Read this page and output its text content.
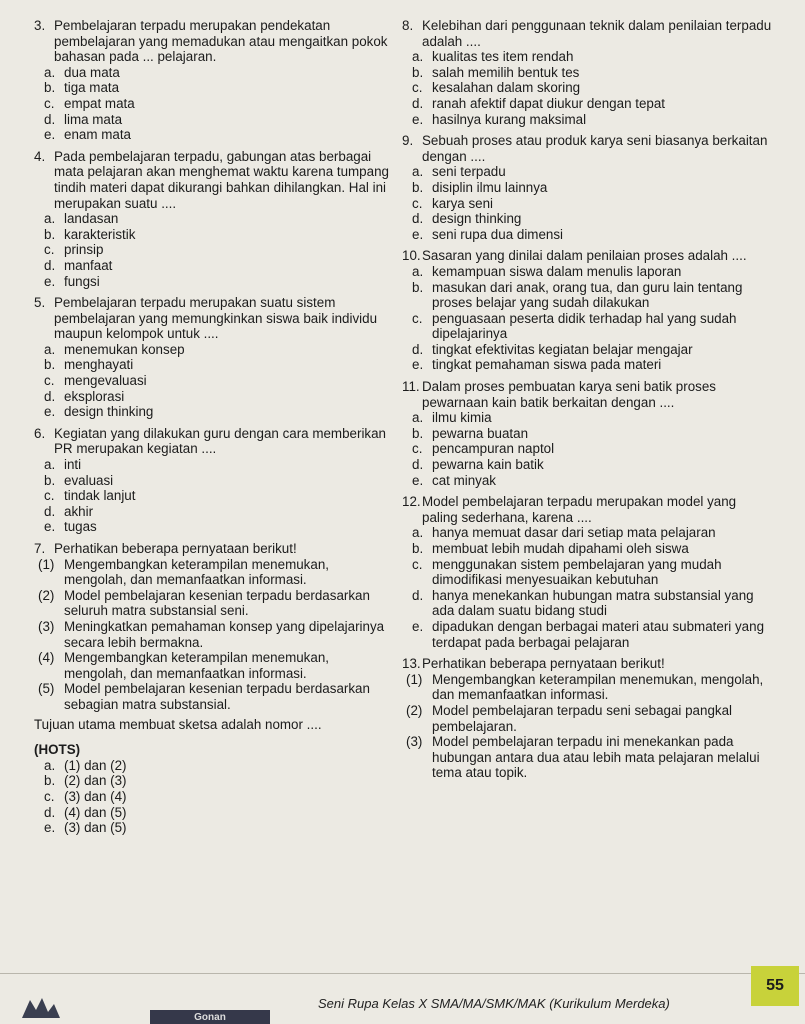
3. Pembelajaran terpadu merupakan pendekatan pembelajaran yang memadukan atau mengaitkan pokok bahasan pada ... pelajaran.
a. dua mata
b. tiga mata
c. empat mata
d. lima mata
e. enam mata
4. Pada pembelajaran terpadu, gabungan atas berbagai mata pelajaran akan menghemat waktu karena tumpang tindih materi dapat dikurangi bahkan dihilangkan. Hal ini merupakan suatu ....
a. landasan
b. karakteristik
c. prinsip
d. manfaat
e. fungsi
5. Pembelajaran terpadu merupakan suatu sistem pembelajaran yang memungkinkan siswa baik individu maupun kelompok untuk ....
a. menemukan konsep
b. menghayati
c. mengevaluasi
d. eksplorasi
e. design thinking
6. Kegiatan yang dilakukan guru dengan cara memberikan PR merupakan kegiatan ....
a. inti
b. evaluasi
c. tindak lanjut
d. akhir
e. tugas
7. Perhatikan beberapa pernyataan berikut!
(1) Mengembangkan keterampilan menemukan, mengolah, dan memanfaatkan informasi.
(2) Model pembelajaran kesenian terpadu berdasarkan seluruh matra substansial seni.
(3) Meningkatkan pemahaman konsep yang dipelajarinya secara lebih bermakna.
(4) Mengembangkan keterampilan menemukan, mengolah, dan memanfaatkan informasi.
(5) Model pembelajaran kesenian terpadu berdasarkan sebagian matra substansial.
Tujuan utama membuat sketsa adalah nomor ....
(HOTS)
a. (1) dan (2)
b. (2) dan (3)
c. (3) dan (4)
d. (4) dan (5)
e. (3) dan (5)
8. Kelebihan dari penggunaan teknik dalam penilaian terpadu adalah ....
a. kualitas tes item rendah
b. salah memilih bentuk tes
c. kesalahan dalam skoring
d. ranah afektif dapat diukur dengan tepat
e. hasilnya kurang maksimal
9. Sebuah proses atau produk karya seni biasanya berkaitan dengan ....
a. seni terpadu
b. disiplin ilmu lainnya
c. karya seni
d. design thinking
e. seni rupa dua dimensi
10. Sasaran yang dinilai dalam penilaian proses adalah ....
a. kemampuan siswa dalam menulis laporan
b. masukan dari anak, orang tua, dan guru lain tentang proses belajar yang sudah dilakukan
c. penguasaan peserta didik terhadap hal yang sudah dipelajarinya
d. tingkat efektivitas kegiatan belajar mengajar
e. tingkat pemahaman siswa pada materi
11. Dalam proses pembuatan karya seni batik proses pewarnaan kain batik berkaitan dengan ....
a. ilmu kimia
b. pewarna buatan
c. pencampuran naptol
d. pewarna kain batik
e. cat minyak
12. Model pembelajaran terpadu merupakan model yang paling sederhana, karena ....
a. hanya memuat dasar dari setiap mata pelajaran
b. membuat lebih mudah dipahami oleh siswa
c. menggunakan sistem pembelajaran yang mudah dimodifikasi menyesuaikan kebutuhan
d. hanya menekankan hubungan matra substansial yang ada dalam suatu bidang studi
e. dipadukan dengan berbagai materi atau submateri yang terdapat pada berbagai pelajaran
13. Perhatikan beberapa pernyataan berikut!
(1) Mengembangkan keterampilan menemukan, mengolah, dan memanfaatkan informasi.
(2) Model pembelajaran terpadu seni sebagai pangkal pembelajaran.
(3) Model pembelajaran terpadu ini menekankan pada hubungan antara dua atau lebih mata pelajaran melalui tema atau topik.
Gonan
Seni Rupa Kelas X SMA/MA/SMK/MAK (Kurikulum Merdeka)
55
